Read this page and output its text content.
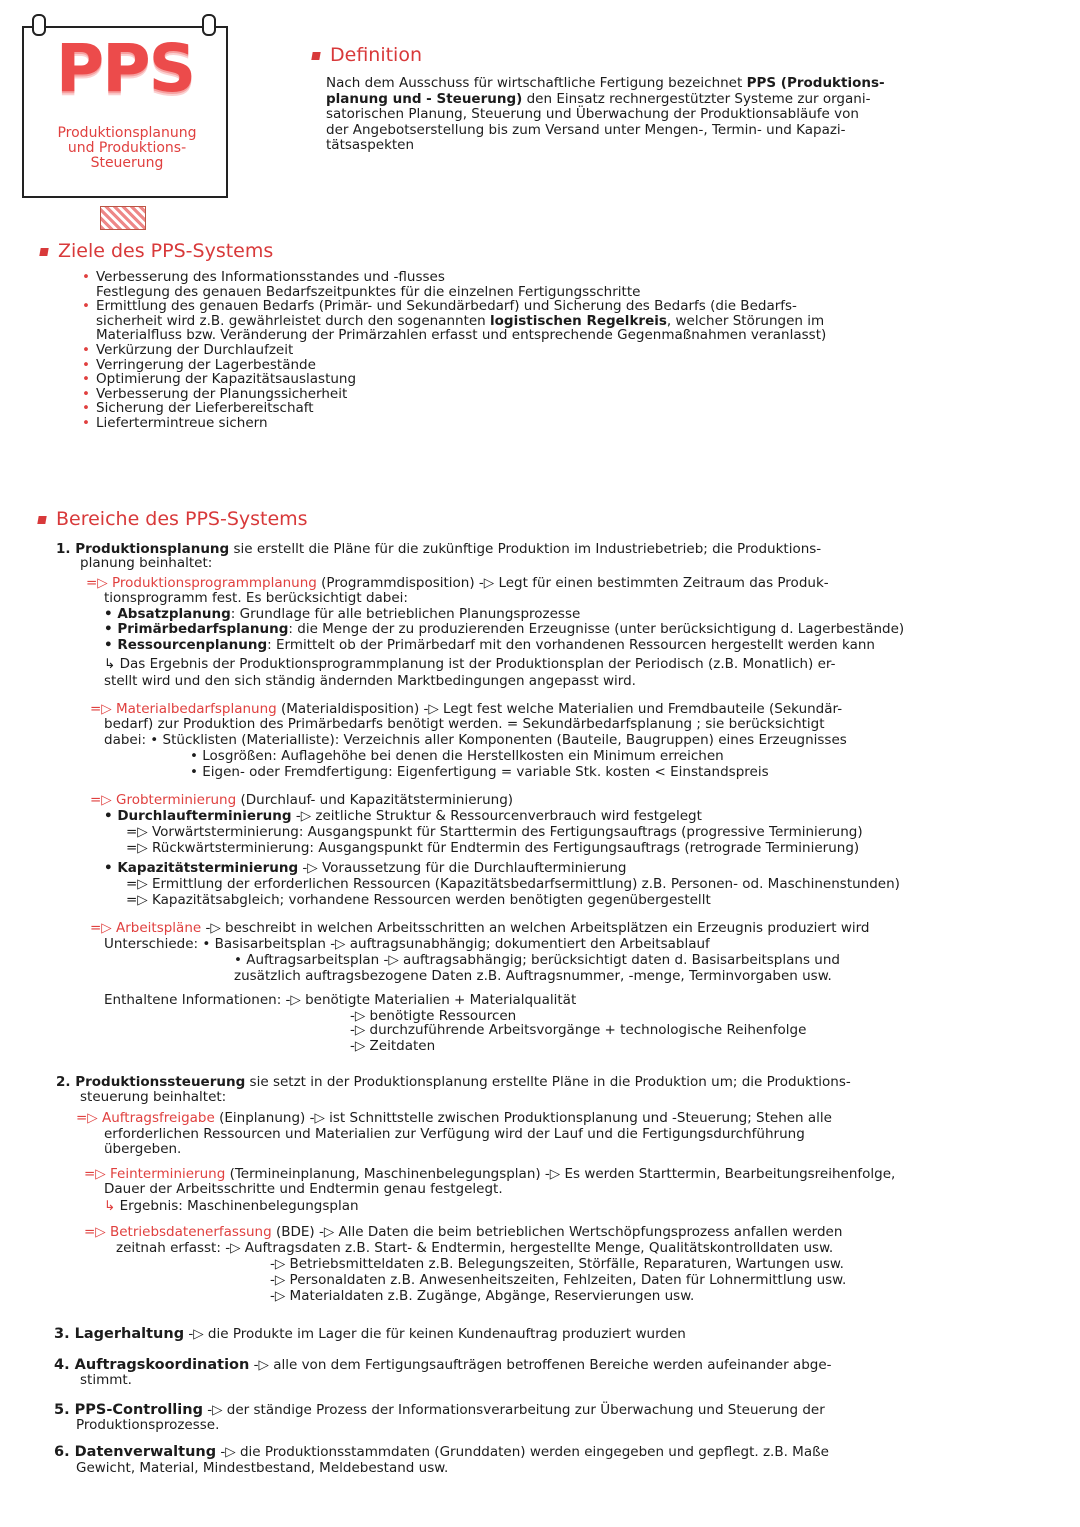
PPS
Produktionsplanung
und Produktions-
Steuerung
Definition
Nach dem Ausschuss für wirtschaftliche Fertigung bezeichnet PPS (Produktions-
planung und - Steuerung) den Einsatz rechnergestützter Systeme zur organi-
satorischen Planung, Steuerung und Überwachung der Produktionsabläufe von
der Angebotserstellung bis zum Versand unter Mengen-, Termin- und Kapazi-
tätsaspekten
Ziele des PPS-Systems
• Verbesserung des Informationsstandes und -flusses
Festlegung des genauen Bedarfszeitpunktes für die einzelnen Fertigungsschritte
• Ermittlung des genauen Bedarfs (Primär- und Sekundärbedarf) und Sicherung des Bedarfs (die Bedarfs-
sicherheit wird z.B. gewährleistet durch den sogenannten logistischen Regelkreis, welcher Störungen im
Materialfluss bzw. Veränderung der Primärzahlen erfasst und entsprechende Gegenmaßnahmen veranlasst)
• Verkürzung der Durchlaufzeit
• Verringerung der Lagerbestände
• Optimierung der Kapazitätsauslastung
• Verbesserung der Planungssicherheit
• Sicherung der Lieferbereitschaft
• Liefertermintreue sichern
Bereiche des PPS-Systems
1. Produktionsplanung sie erstellt die Pläne für die zukünftige Produktion im Industriebetrieb; die Produktions-
planung beinhaltet:
=▷ Produktionsprogrammplanung (Programmdisposition) -▷ Legt für einen bestimmten Zeitraum das Produk-
tionsprogramm fest. Es berücksichtigt dabei:
• Absatzplanung: Grundlage für alle betrieblichen Planungsprozesse
• Primärbedarfsplanung: die Menge der zu produzierenden Erzeugnisse (unter berücksichtigung d. Lagerbestände)
• Ressourcenplanung: Ermittelt ob der Primärbedarf mit den vorhandenen Ressourcen hergestellt werden kann
↳ Das Ergebnis der Produktionsprogrammplanung ist der Produktionsplan der Periodisch (z.B. Monatlich) er-
stellt wird und den sich ständig ändernden Marktbedingungen angepasst wird.
=▷ Materialbedarfsplanung (Materialdisposition) -▷ Legt fest welche Materialien und Fremdbauteile (Sekundär-
bedarf) zur Produktion des Primärbedarfs benötigt werden. = Sekundärbedarfsplanung ; sie berücksichtigt
dabei: • Stücklisten (Materialliste): Verzeichnis aller Komponenten (Bauteile, Baugruppen) eines Erzeugnisses
• Losgrößen: Auflagehöhe bei denen die Herstellkosten ein Minimum erreichen
• Eigen- oder Fremdfertigung: Eigenfertigung = variable Stk. kosten < Einstandspreis
=▷ Grobterminierung (Durchlauf- und Kapazitätsterminierung)
• Durchlaufterminierung -▷ zeitliche Struktur & Ressourcenverbrauch wird festgelegt
=▷ Vorwärtsterminierung: Ausgangspunkt für Starttermin des Fertigungsauftrags (progressive Terminierung)
=▷ Rückwärtsterminierung: Ausgangspunkt für Endtermin des Fertigungsauftrags (retrograde Terminierung)
• Kapazitätsterminierung -▷ Voraussetzung für die Durchlaufterminierung
=▷ Ermittlung der erforderlichen Ressourcen (Kapazitätsbedarfsermittlung) z.B. Personen- od. Maschinenstunden)
=▷ Kapazitätsabgleich; vorhandene Ressourcen werden benötigten gegenübergestellt
=▷ Arbeitspläne -▷ beschreibt in welchen Arbeitsschritten an welchen Arbeitsplätzen ein Erzeugnis produziert wird
Unterschiede: • Basisarbeitsplan -▷ auftragsunabhängig; dokumentiert den Arbeitsablauf
• Auftragsarbeitsplan -▷ auftragsabhängig; berücksichtigt daten d. Basisarbeitsplans und
zusätzlich auftragsbezogene Daten z.B. Auftragsnummer, -menge, Terminvorgaben usw.
Enthaltene Informationen: -▷ benötigte Materialien + Materialqualität
-▷ benötigte Ressourcen
-▷ durchzuführende Arbeitsvorgänge + technologische Reihenfolge
-▷ Zeitdaten
2. Produktionssteuerung sie setzt in der Produktionsplanung erstellte Pläne in die Produktion um; die Produktions-
steuerung beinhaltet:
=▷ Auftragsfreigabe (Einplanung) -▷ ist Schnittstelle zwischen Produktionsplanung und -Steuerung; Stehen alle
erforderlichen Ressourcen und Materialien zur Verfügung wird der Lauf und die Fertigungsdurchführung
übergeben.
=▷ Feinterminierung (Termineinplanung, Maschinenbelegungsplan) -▷ Es werden Starttermin, Bearbeitungsreihenfolge,
Dauer der Arbeitsschritte und Endtermin genau festgelegt.
↳ Ergebnis: Maschinenbelegungsplan
=▷ Betriebsdatenerfassung (BDE) -▷ Alle Daten die beim betrieblichen Wertschöpfungsprozess anfallen werden
zeitnah erfasst: -▷ Auftragsdaten z.B. Start- & Endtermin, hergestellte Menge, Qualitätskontrolldaten usw.
-▷ Betriebsmitteldaten z.B. Belegungszeiten, Störfälle, Reparaturen, Wartungen usw.
-▷ Personaldaten z.B. Anwesenheitszeiten, Fehlzeiten, Daten für Lohnermittlung usw.
-▷ Materialdaten z.B. Zugänge, Abgänge, Reservierungen usw.
3. Lagerhaltung -▷ die Produkte im Lager die für keinen Kundenauftrag produziert wurden
4. Auftragskoordination -▷ alle von dem Fertigungsaufträgen betroffenen Bereiche werden aufeinander abge-
stimmt.
5. PPS-Controlling -▷ der ständige Prozess der Informationsverarbeitung zur Überwachung und Steuerung der
Produktionsprozesse.
6. Datenverwaltung -▷ die Produktionsstammdaten (Grunddaten) werden eingegeben und gepflegt. z.B. Maße
Gewicht, Material, Mindestbestand, Meldebestand usw.
